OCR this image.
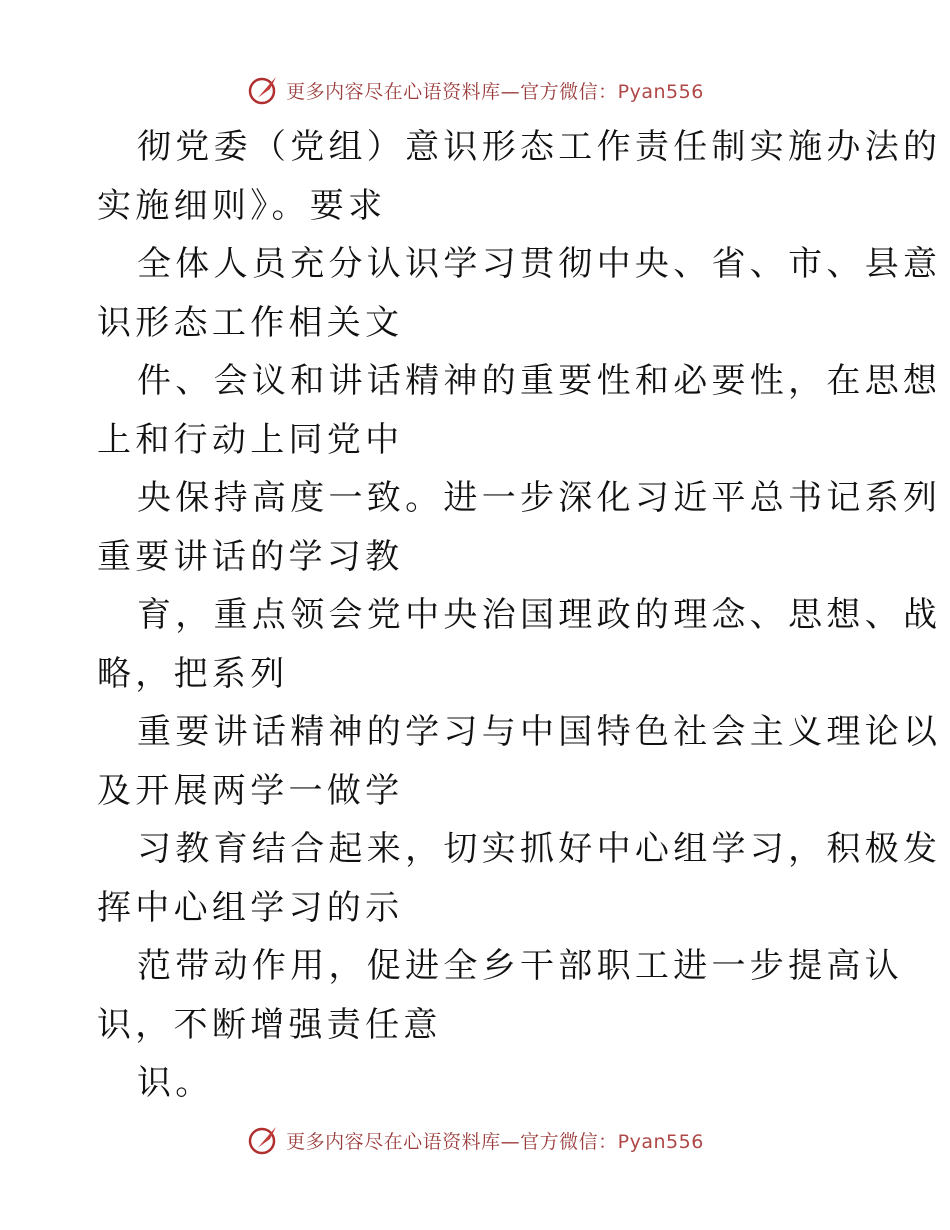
更多内容尽在心语资料库—官方微信：Pyan556
彻党委（党组）意识形态工作责任制实施办法的
实施细则》。要求
全体人员充分认识学习贯彻中央、省、市、县意
识形态工作相关文
件、会议和讲话精神的重要性和必要性，在思想
上和行动上同党中
央保持高度一致。进一步深化习近平总书记系列
重要讲话的学习教
育，重点领会党中央治国理政的理念、思想、战
略，把系列
重要讲话精神的学习与中国特色社会主义理论以
及开展两学一做学
习教育结合起来，切实抓好中心组学习，积极发
挥中心组学习的示
范带动作用，促进全乡干部职工进一步提高认
识，不断增强责任意
识。
更多内容尽在心语资料库—官方微信：Pyan556
